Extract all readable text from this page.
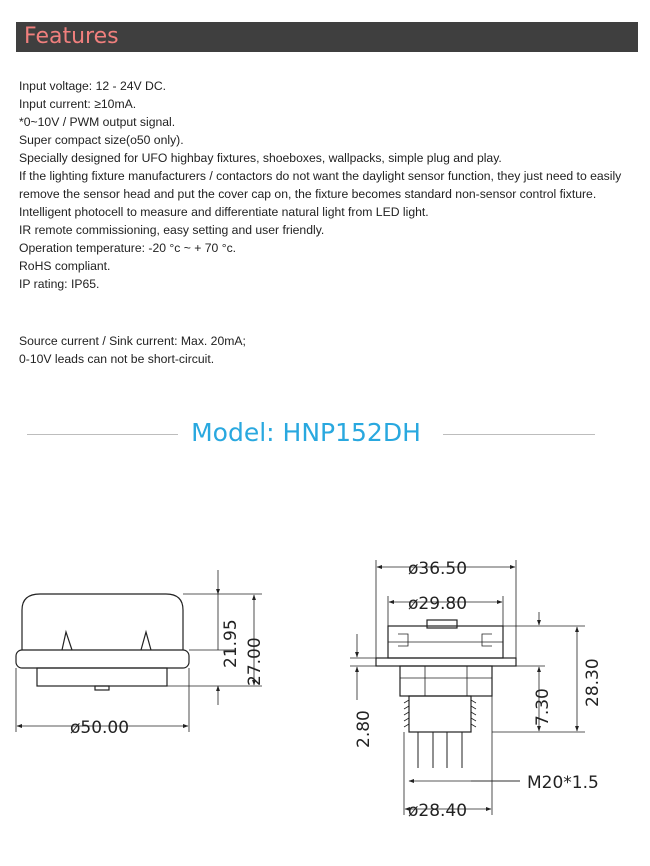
Features
Input voltage: 12 - 24V DC.
Input current: ≥10mA.
*0~10V / PWM output signal.
Super compact size(ο50 only).
Specially designed for UFO highbay fixtures, shoeboxes, wallpacks, simple plug and play.
If the lighting fixture manufacturers / contactors do not want the daylight sensor function, they just need to easily remove the sensor head and put the cover cap on, the fixture becomes standard non-sensor control fixture.
Intelligent photocell to measure and differentiate natural light from LED light.
IR remote commissioning, easy setting and user friendly.
Operation temperature: -20 °c ~ + 70 °c.
RoHS compliant.
IP rating: IP65.
Source current / Sink current: Max. 20mA;
0-10V leads can not be short-circuit.
Model: HNP152DH
ø50.00
21.95 27.00
ø36.50
ø29.80
ø28.40
M20*1.5
28.30
7.30
2.80
